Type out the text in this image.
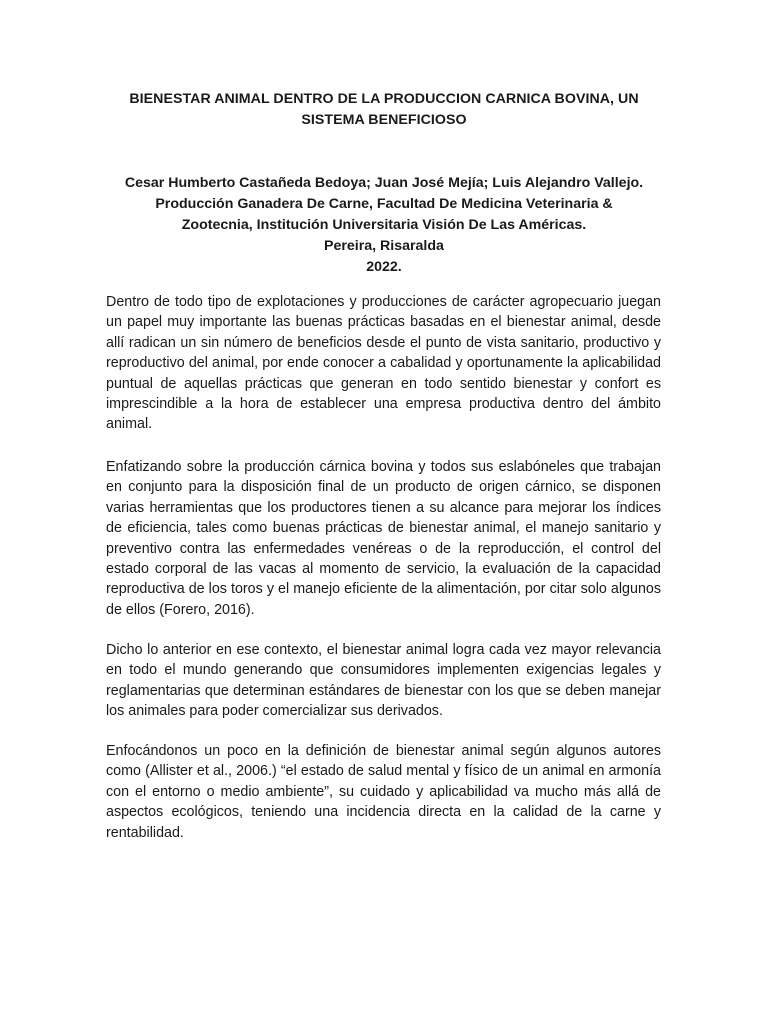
BIENESTAR ANIMAL DENTRO DE LA PRODUCCION CARNICA BOVINA, UN
SISTEMA BENEFICIOSO
Cesar Humberto Castañeda Bedoya; Juan José Mejía; Luis Alejandro Vallejo.
Producción Ganadera De Carne, Facultad De Medicina Veterinaria &
Zootecnia, Institución Universitaria Visión De Las Américas.
Pereira, Risaralda
2022.

Dentro de todo tipo de explotaciones y producciones de carácter agropecuario juegan un papel muy importante las buenas prácticas basadas en el bienestar animal, desde allí radican un sin número de beneficios desde el punto de vista sanitario, productivo y reproductivo del animal, por ende conocer a cabalidad y oportunamente la aplicabilidad puntual de aquellas prácticas que generan en todo sentido bienestar y confort es imprescindible a la hora de establecer una empresa productiva dentro del ámbito animal.

Enfatizando sobre la producción cárnica bovina y todos sus eslabóneles que trabajan en conjunto para la disposición final de un producto de origen cárnico, se disponen varias herramientas que los productores tienen a su alcance para mejorar los índices de eficiencia, tales como buenas prácticas de bienestar animal, el manejo sanitario y preventivo contra las enfermedades venéreas o de la reproducción, el control del estado corporal de las vacas al momento de servicio, la evaluación de la capacidad reproductiva de los toros y el manejo eficiente de la alimentación, por citar solo algunos de ellos (Forero, 2016).

Dicho lo anterior en ese contexto, el bienestar animal logra cada vez mayor relevancia en todo el mundo generando que consumidores implementen exigencias legales y reglamentarias que determinan estándares de bienestar con los que se deben manejar los animales para poder comercializar sus derivados.

Enfocándonos un poco en la definición de bienestar animal según algunos autores como (Allister et al., 2006.) “el estado de salud mental y físico de un animal en armonía con el entorno o medio ambiente”, su cuidado y aplicabilidad va mucho más allá de aspectos ecológicos, teniendo una incidencia directa en la calidad de la carne y rentabilidad.
